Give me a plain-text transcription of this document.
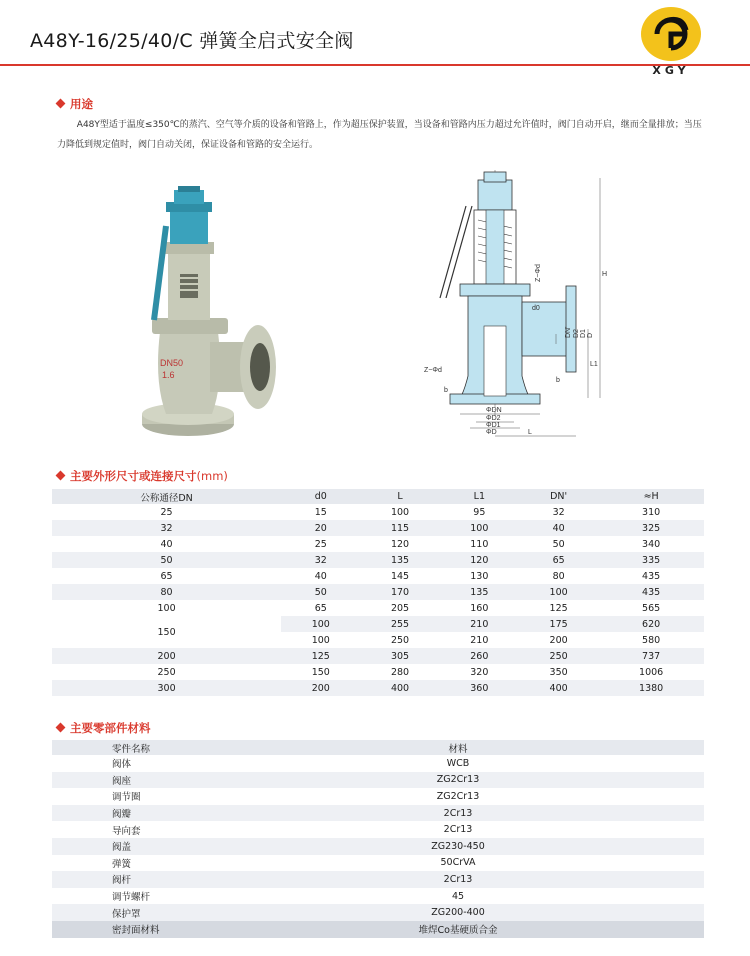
A48Y-16/25/40/C 弹簧全启式安全阀
XGY
用途

A48Y型适于温度≤350℃的蒸汽、空气等介质的设备和管路上，作为超压保护装置，当设备和管路内压力超过允许值时，阀门自动开启，继而全量排放；当压力降低到规定值时，阀门自动关闭，保证设备和管路的安全运行。

DN50
1.6
H
L1
L
b
b
Z−Φd
Z−Φd
DN' D2 D1 D
d0
ΦDN
ΦD2
ΦD1
ΦD
主要外形尺寸或连接尺寸(mm)
公称通径DN	d0	L	L1	DN'	≈H
25	15	100	95	32	310
32	20	115	100	40	325
40	25	120	110	50	340
50	32	135	120	65	335
65	40	145	130	80	435
80	50	170	135	100	435
100	65	205	160	125	565
150	100	255	210	175	620
	100	250	210	200	580
200	125	305	260	250	737
250	150	280	320	350	1006
300	200	400	360	400	1380
主要零部件材料
零件名称	材料
阀体	WCB
阀座	ZG2Cr13
调节圈	ZG2Cr13
阀瓣	2Cr13
导向套	2Cr13
阀盖	ZG230-450
弹簧	50CrVA
阀杆	2Cr13
调节螺杆	45
保护罩	ZG200-400
密封面材料	堆焊Co基硬质合金
